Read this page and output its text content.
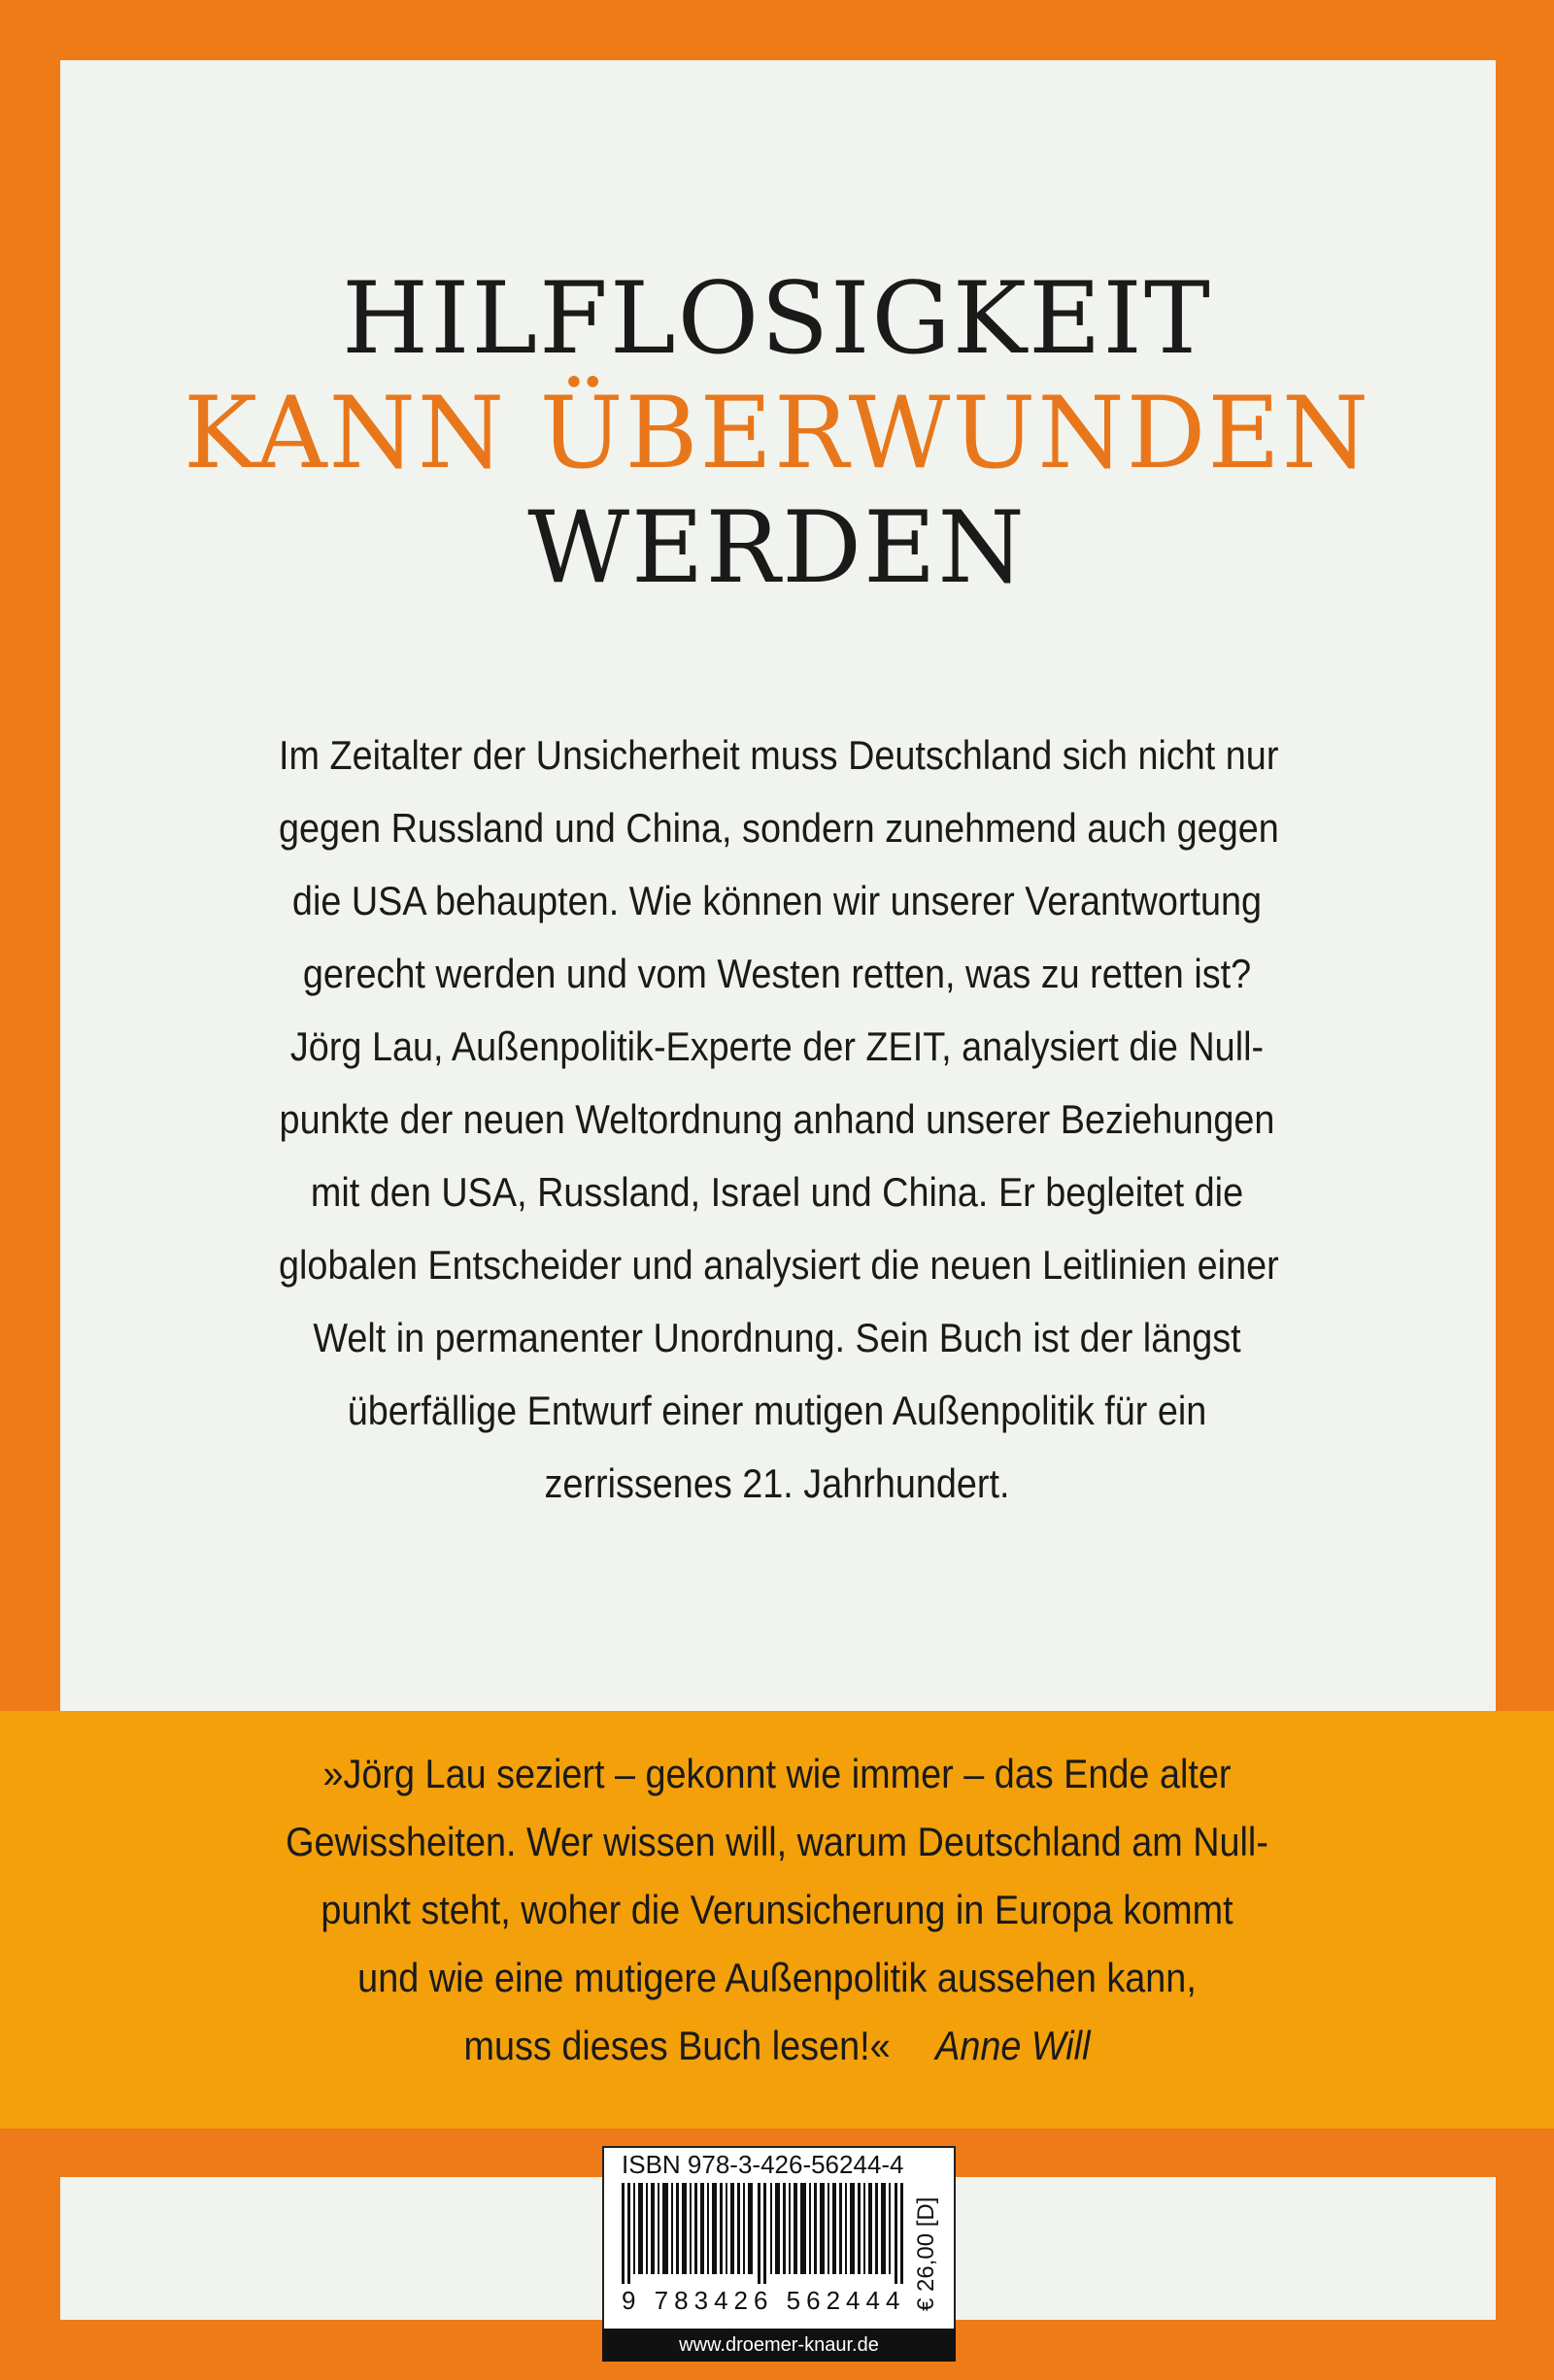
HILFLOSIGKEIT
KANN ÜBERWUNDEN
WERDEN
Im Zeitalter der Unsicherheit muss Deutschland sich nicht nur
gegen Russland und China, sondern zunehmend auch gegen
die USA behaupten. Wie können wir unserer Verantwortung
gerecht werden und vom Westen retten, was zu retten ist?
Jörg Lau, Außenpolitik-Experte der ZEIT, analysiert die Null-
punkte der neuen Weltordnung anhand unserer Beziehungen
mit den USA, Russland, Israel und China. Er begleitet die
globalen Entscheider und analysiert die neuen Leitlinien einer
Welt in permanenter Unordnung. Sein Buch ist der längst
überfällige Entwurf einer mutigen Außenpolitik für ein
zerrissenes 21. Jahrhundert.
»Jörg Lau seziert – gekonnt wie immer – das Ende alter
Gewissheiten. Wer wissen will, warum Deutschland am Null-
punkt steht, woher die Verunsicherung in Europa kommt
und wie eine mutigere Außenpolitik aussehen kann,
muss dieses Buch lesen!« Anne Will
ISBN 978-3-426-56244-4
9 783426 562444 € 26,00 [D]
www.droemer-knaur.de
